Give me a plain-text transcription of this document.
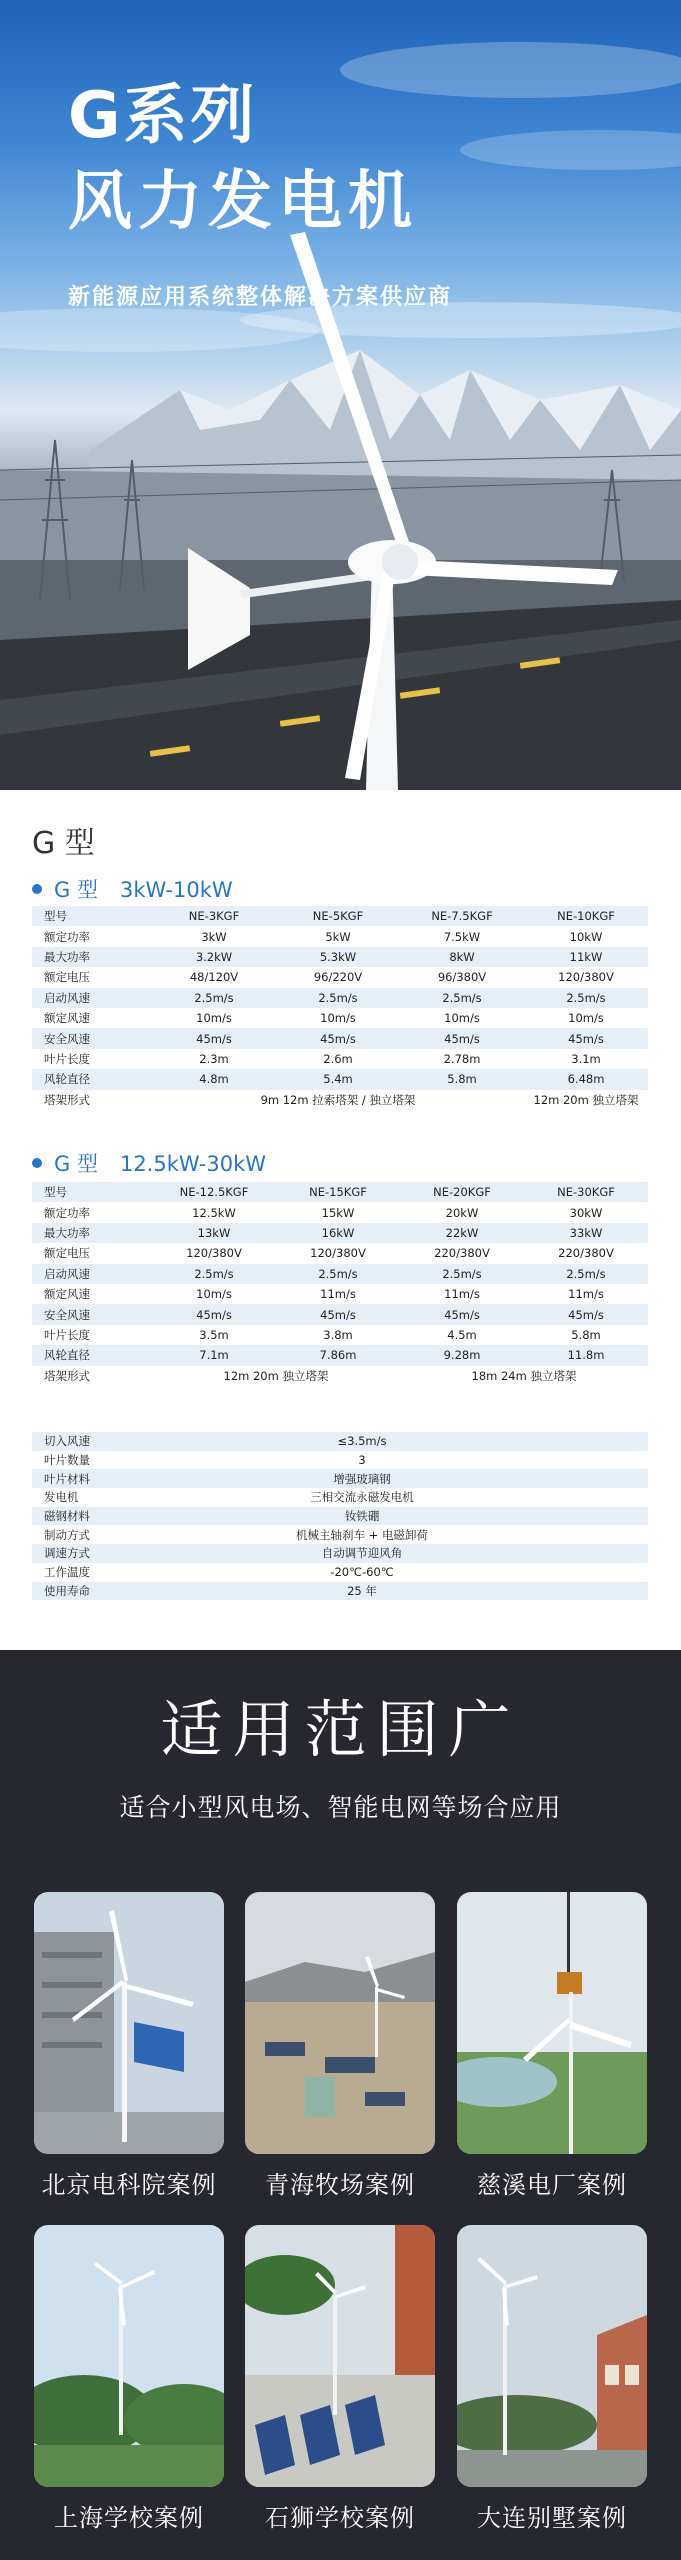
G系列
风力发电机
新能源应用系统整体解决方案供应商
G 型
G 型 3kW-10kW
型号	NE-3KGF	NE-5KGF	NE-7.5KGF	NE-10KGF
额定功率	3kW	5kW	7.5kW	10kW
最大功率	3.2kW	5.3kW	8kW	11kW
额定电压	48/120V	96/220V	96/380V	120/380V
启动风速	2.5m/s	2.5m/s	2.5m/s	2.5m/s
额定风速	10m/s	10m/s	10m/s	10m/s
安全风速	45m/s	45m/s	45m/s	45m/s
叶片长度	2.3m	2.6m	2.78m	3.1m
风轮直径	4.8m	5.4m	5.8m	6.48m
塔架形式	9m 12m 拉索塔架 / 独立塔架			12m 20m 独立塔架
G 型 12.5kW-30kW
型号	NE-12.5KGF	NE-15KGF	NE-20KGF	NE-30KGF
额定功率	12.5kW	15kW	20kW	30kW
最大功率	13kW	16kW	22kW	33kW
额定电压	120/380V	120/380V	220/380V	220/380V
启动风速	2.5m/s	2.5m/s	2.5m/s	2.5m/s
额定风速	10m/s	11m/s	11m/s	11m/s
安全风速	45m/s	45m/s	45m/s	45m/s
叶片长度	3.5m	3.8m	4.5m	5.8m
风轮直径	7.1m	7.86m	9.28m	11.8m
塔架形式	12m 20m 独立塔架		18m 24m 独立塔架	
切入风速	≤3.5m/s
叶片数量	3
叶片材料	增强玻璃钢
发电机	三相交流永磁发电机
磁钢材料	钕铁硼
制动方式	机械主轴刹车 + 电磁卸荷
调速方式	自动调节迎风角
工作温度	-20℃-60℃
使用寿命	25 年
适用范围广
适合小型风电场、智能电网等场合应用
北京电科院案例	青海牧场案例	慈溪电厂案例
上海学校案例	石狮学校案例	大连别墅案例
